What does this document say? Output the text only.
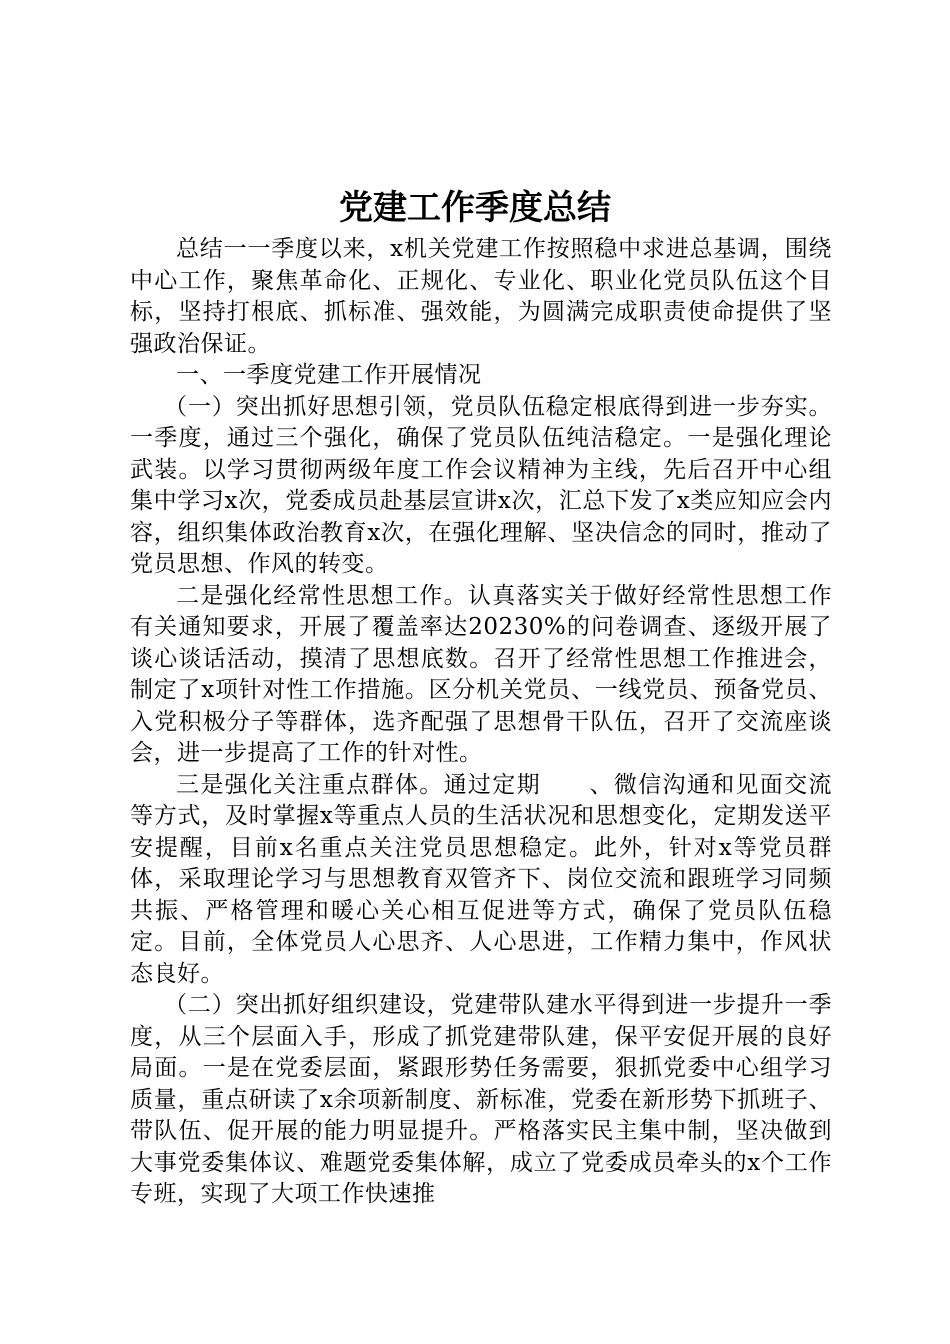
党建工作季度总结

总结一一季度以来，x机关党建工作按照稳中求进总基调，围绕中心工作，聚焦革命化、正规化、专业化、职业化党员队伍这个目标，坚持打根底、抓标准、强效能，为圆满完成职责使命提供了坚强政治保证。

一、一季度党建工作开展情况

（一）突出抓好思想引领，党员队伍稳定根底得到进一步夯实。一季度，通过三个强化，确保了党员队伍纯洁稳定。一是强化理论武装。以学习贯彻两级年度工作会议精神为主线，先后召开中心组集中学习x次，党委成员赴基层宣讲x次，汇总下发了x类应知应会内容，组织集体政治教育x次，在强化理解、坚决信念的同时，推动了党员思想、作风的转变。

二是强化经常性思想工作。认真落实关于做好经常性思想工作有关通知要求，开展了覆盖率达20230%的问卷调查、逐级开展了谈心谈话活动，摸清了思想底数。召开了经常性思想工作推进会，制定了x项针对性工作措施。区分机关党员、一线党员、预备党员、入党积极分子等群体，选齐配强了思想骨干队伍，召开了交流座谈会，进一步提高了工作的针对性。

三是强化关注重点群体。通过定期　　、微信沟通和见面交流等方式，及时掌握x等重点人员的生活状况和思想变化，定期发送平安提醒，目前x名重点关注党员思想稳定。此外，针对x等党员群体，采取理论学习与思想教育双管齐下、岗位交流和跟班学习同频共振、严格管理和暖心关心相互促进等方式，确保了党员队伍稳定。目前，全体党员人心思齐、人心思进，工作精力集中，作风状态良好。

（二）突出抓好组织建设，党建带队建水平得到进一步提升一季度，从三个层面入手，形成了抓党建带队建，保平安促开展的良好局面。一是在党委层面，紧跟形势任务需要，狠抓党委中心组学习质量，重点研读了x余项新制度、新标准，党委在新形势下抓班子、带队伍、促开展的能力明显提升。严格落实民主集中制，坚决做到大事党委集体议、难题党委集体解，成立了党委成员牵头的x个工作专班，实现了大项工作快速推
